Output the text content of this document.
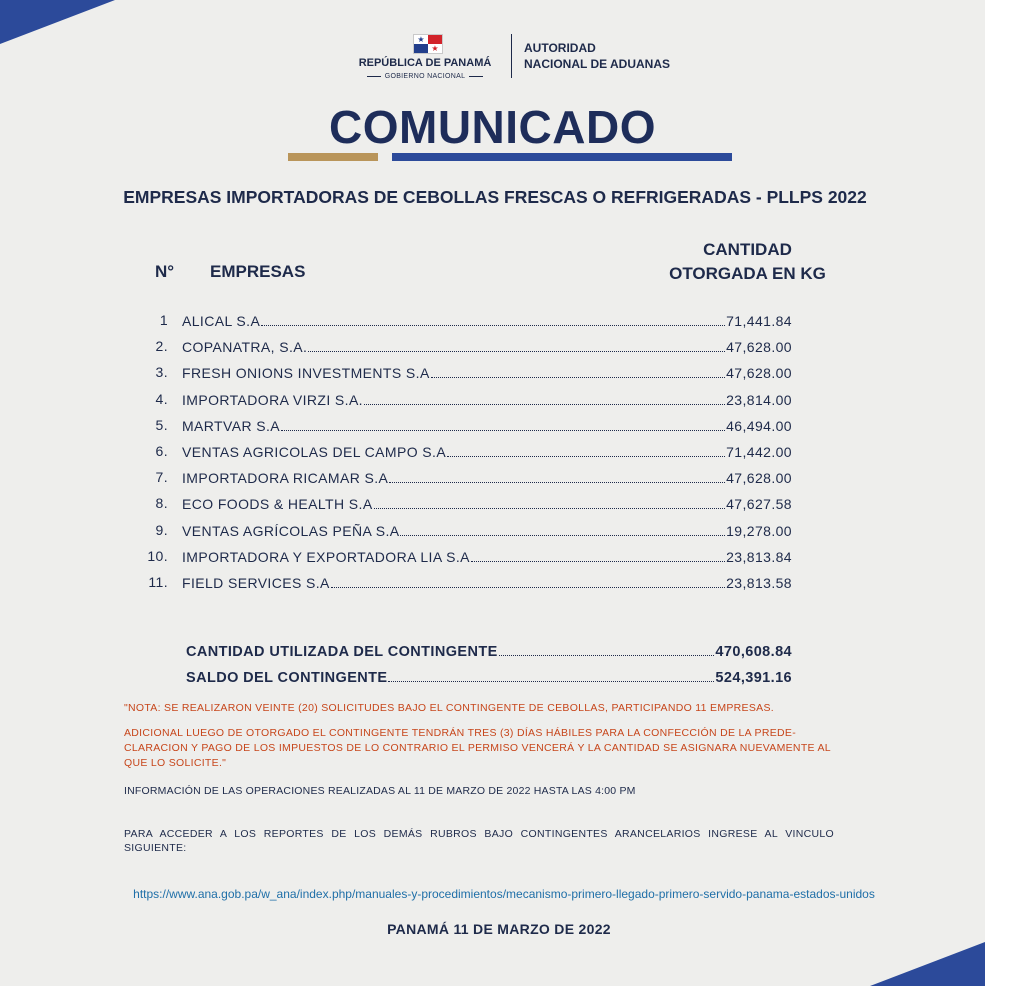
★
★
REPÚBLICA DE PANAMÁ
GOBIERNO NACIONAL
AUTORIDAD
NACIONAL DE ADUANAS
COMUNICADO
EMPRESAS IMPORTADORAS DE CEBOLLAS FRESCAS O REFRIGERADAS - PLLPS 2022
N° EMPRESAS
CANTIDAD
OTORGADA EN KG
1 ALICAL S.A	71,441.84
2. COPANATRA, S.A.	47,628.00
3. FRESH ONIONS INVESTMENTS S.A	47,628.00
4. IMPORTADORA VIRZI S.A.	23,814.00
5. MARTVAR S.A	46,494.00
6. VENTAS AGRICOLAS DEL CAMPO S.A	71,442.00
7. IMPORTADORA RICAMAR S.A	47,628.00
8. ECO FOODS & HEALTH S.A	47,627.58
9. VENTAS AGRÍCOLAS PEÑA S.A	19,278.00
10. IMPORTADORA Y EXPORTADORA LIA S.A	23,813.84
11. FIELD SERVICES S.A	23,813.58
CANTIDAD UTILIZADA DEL CONTINGENTE	470,608.84
SALDO DEL CONTINGENTE	524,391.16
"NOTA: SE REALIZARON VEINTE (20) SOLICITUDES BAJO EL CONTINGENTE DE CEBOLLAS, PARTICIPANDO 11 EMPRESAS.
ADICIONAL LUEGO DE OTORGADO EL CONTINGENTE TENDRÁN TRES (3) DÍAS HÁBILES PARA LA CONFECCIÓN DE LA PREDE-CLARACION Y PAGO DE LOS IMPUESTOS DE LO CONTRARIO EL PERMISO VENCERÁ Y LA CANTIDAD SE ASIGNARA NUEVAMENTE AL QUE LO SOLICITE."
INFORMACIÓN DE LAS OPERACIONES REALIZADAS AL 11 DE MARZO DE 2022 HASTA LAS 4:00 PM
PARA ACCEDER A LOS REPORTES DE LOS DEMÁS RUBROS BAJO CONTINGENTES ARANCELARIOS INGRESE AL VINCULO SIGUIENTE:
https://www.ana.gob.pa/w_ana/index.php/manuales-y-procedimientos/mecanismo-primero-llegado-primero-servido-panama-estados-unidos
PANAMÁ 11 DE MARZO DE 2022
